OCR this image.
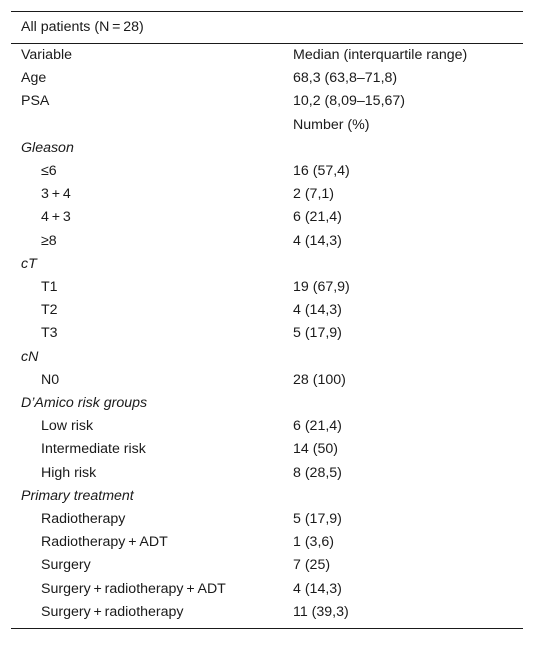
All patients (N = 28)
Variable	Median (interquartile range)
Age	68,3 (63,8–71,8)
PSA	10,2 (8,09–15,67)
	Number (%)
Gleason	
≤6	16 (57,4)
3 + 4	2 (7,1)
4 + 3	6 (21,4)
≥8	4 (14,3)
cT	
T1	19 (67,9)
T2	4 (14,3)
T3	5 (17,9)
cN	
N0	28 (100)
D’Amico risk groups	
Low risk	6 (21,4)
Intermediate risk	14 (50)
High risk	8 (28,5)
Primary treatment	
Radiotherapy	5 (17,9)
Radiotherapy + ADT	1 (3,6)
Surgery	7 (25)
Surgery + radiotherapy + ADT	4 (14,3)
Surgery + radiotherapy	11 (39,3)
